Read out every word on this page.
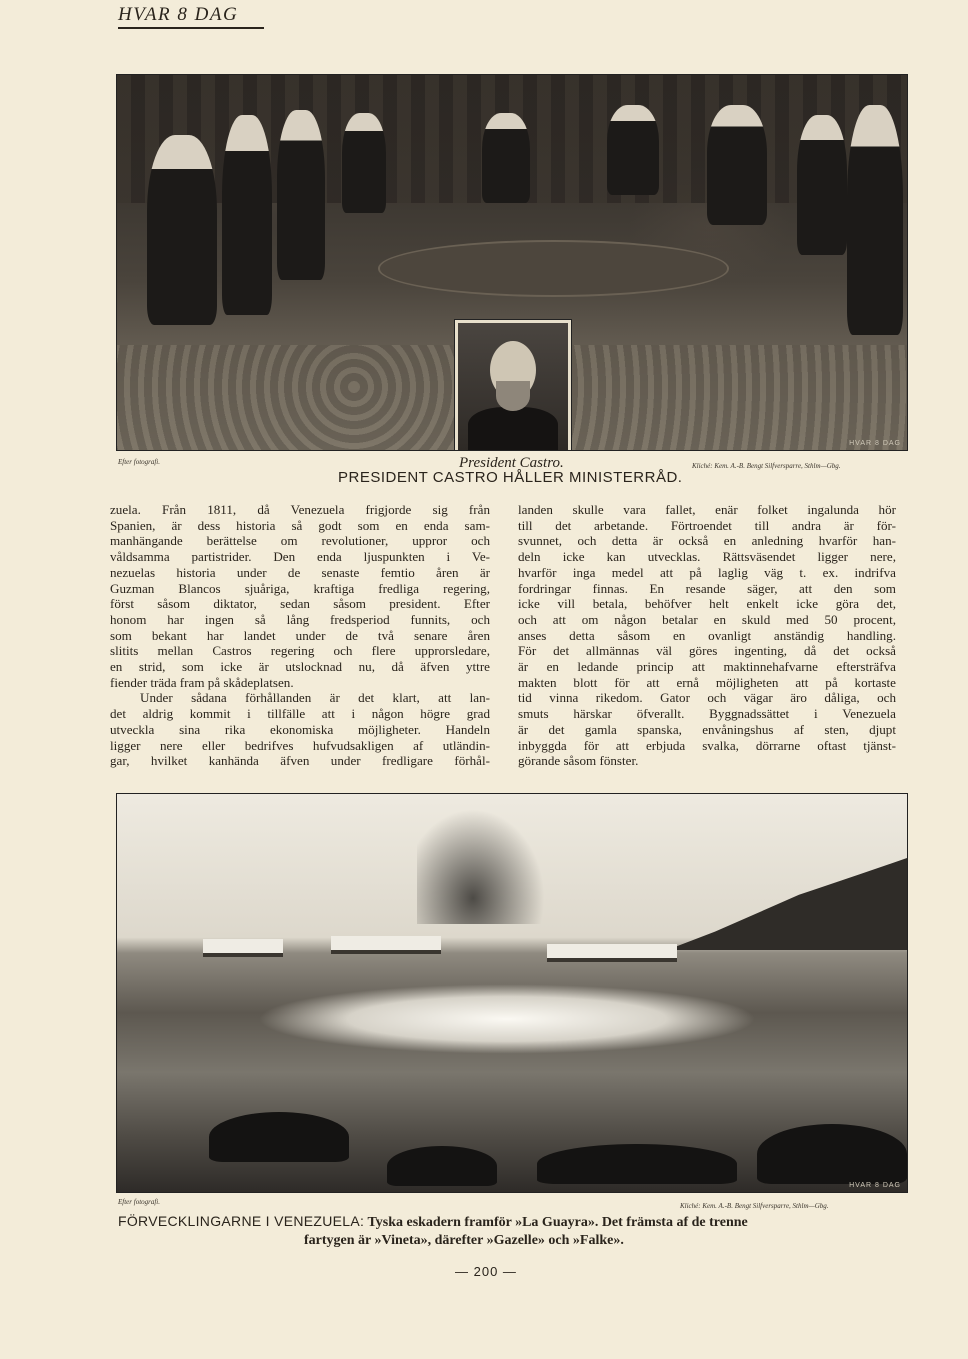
HVAR 8 DAG
HVAR 8 DAG
Efter fotografi.	President Castro.	Kliché: Kem. A.-B. Bengt Silfversparre, Sthlm—Gbg.
PRESIDENT CASTRO HÅLLER MINISTERRÅD.
zuela. Från 1811, då Venezuela frigjorde sig från
Spanien, är dess historia så godt som en enda sam-
manhängande berättelse om revolutioner, uppror och
våldsamma partistrider. Den enda ljuspunkten i Ve-
nezuelas historia under de senaste femtio åren är
Guzman Blancos sjuåriga, kraftiga fredliga regering,
först såsom diktator, sedan såsom president. Efter
honom har ingen så lång fredsperiod funnits, och
som bekant har landet under de två senare åren
slitits mellan Castros regering och flere upprorsledare,
en strid, som icke är utslocknad nu, då äfven yttre
fiender träda fram på skådeplatsen.
Under sådana förhållanden är det klart, att lan-
det aldrig kommit i tillfälle att i någon högre grad
utveckla sina rika ekonomiska möjligheter. Handeln
ligger nere eller bedrifves hufvudsakligen af utländin-
gar, hvilket kanhända äfven under fredligare förhål-
landen skulle vara fallet, enär folket ingalunda hör
till det arbetande. Förtroendet till andra är för-
svunnet, och detta är också en anledning hvarför han-
deln icke kan utvecklas. Rättsväsendet ligger nere,
hvarför inga medel att på laglig väg t. ex. indrifva
fordringar finnas. En resande säger, att den som
icke vill betala, behöfver helt enkelt icke göra det,
och att om någon betalar en skuld med 50 procent,
anses detta såsom en ovanligt anständig handling.
För det allmännas väl göres ingenting, då det också
är en ledande princip att maktinnehafvarne eftersträfva
makten blott för att ernå möjligheten att på kortaste
tid vinna rikedom. Gator och vägar äro dåliga, och
smuts härskar öfverallt. Byggnadssättet i Venezuela
är det gamla spanska, envåningshus af sten, djupt
inbyggda för att erbjuda svalka, dörrarne oftast tjänst-
görande såsom fönster.
HVAR 8 DAG
Efter fotografi.	Kliché: Kem. A.-B. Bengt Silfversparre, Sthlm—Gbg.
FÖRVECKLINGARNE I VENEZUELA: Tyska eskadern framför »La Guayra». Det främsta af de trenne
fartygen är »Vineta», därefter »Gazelle» och »Falke».
— 200 —
